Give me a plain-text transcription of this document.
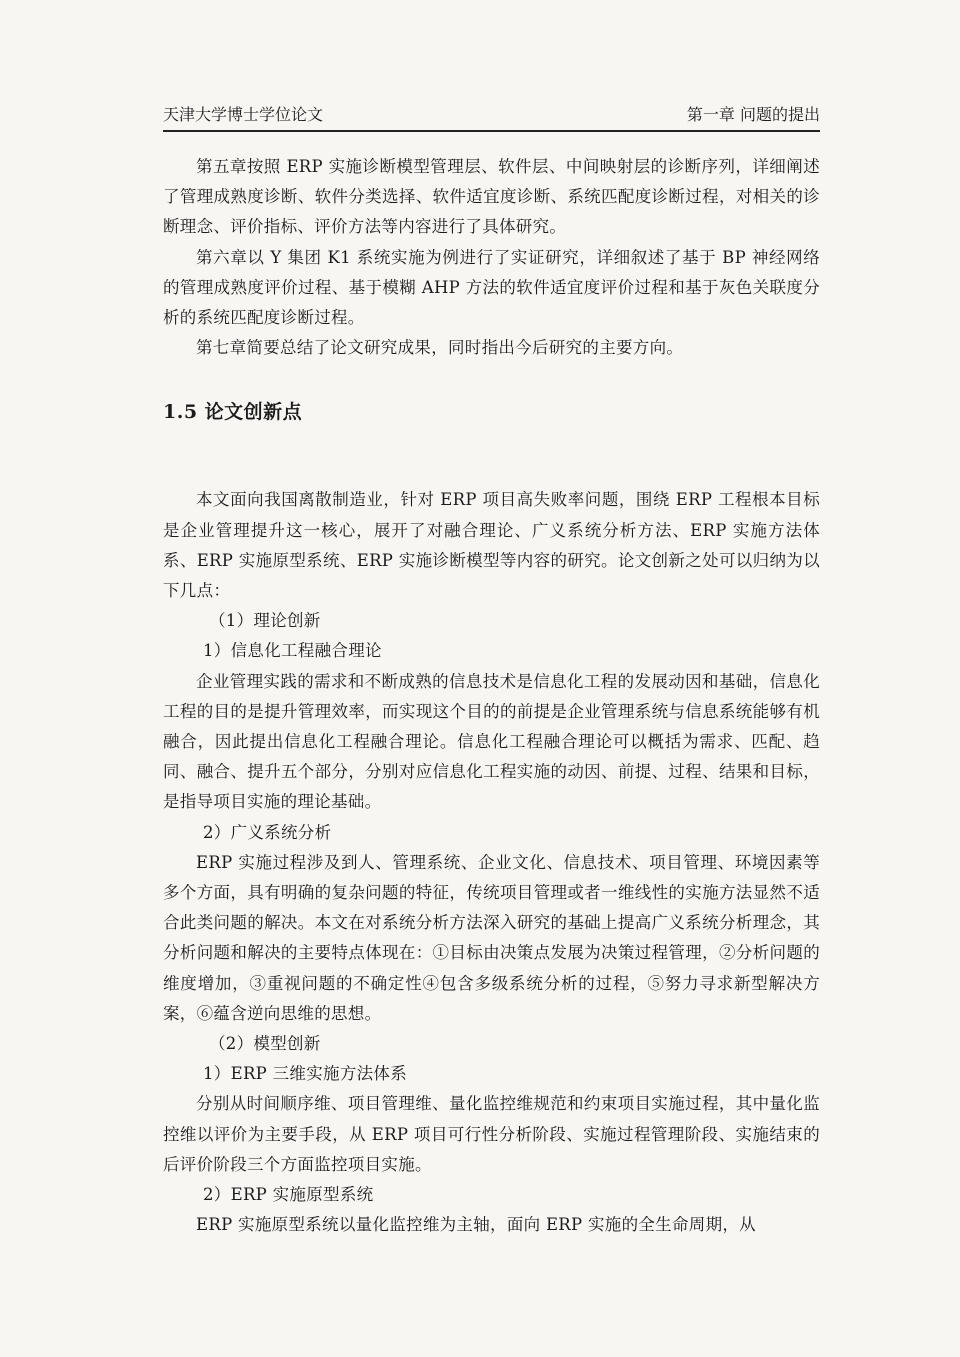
天津大学博士学位论文	第一章 问题的提出

第五章按照 ERP 实施诊断模型管理层、软件层、中间映射层的诊断序列，详细阐述了管理成熟度诊断、软件分类选择、软件适宜度诊断、系统匹配度诊断过程，对相关的诊断理念、评价指标、评价方法等内容进行了具体研究。

第六章以 Y 集团 K1 系统实施为例进行了实证研究，详细叙述了基于 BP 神经网络的管理成熟度评价过程、基于模糊 AHP 方法的软件适宜度评价过程和基于灰色关联度分析的系统匹配度诊断过程。

第七章简要总结了论文研究成果，同时指出今后研究的主要方向。

1.5 论文创新点

本文面向我国离散制造业，针对 ERP 项目高失败率问题，围绕 ERP 工程根本目标是企业管理提升这一核心，展开了对融合理论、广义系统分析方法、ERP 实施方法体系、ERP 实施原型系统、ERP 实施诊断模型等内容的研究。论文创新之处可以归纳为以下几点：

（1）理论创新

1）信息化工程融合理论

企业管理实践的需求和不断成熟的信息技术是信息化工程的发展动因和基础，信息化工程的目的是提升管理效率，而实现这个目的的前提是企业管理系统与信息系统能够有机融合，因此提出信息化工程融合理论。信息化工程融合理论可以概括为需求、匹配、趋同、融合、提升五个部分，分别对应信息化工程实施的动因、前提、过程、结果和目标，是指导项目实施的理论基础。

2）广义系统分析

ERP 实施过程涉及到人、管理系统、企业文化、信息技术、项目管理、环境因素等多个方面，具有明确的复杂问题的特征，传统项目管理或者一维线性的实施方法显然不适合此类问题的解决。本文在对系统分析方法深入研究的基础上提高广义系统分析理念，其分析问题和解决的主要特点体现在：①目标由决策点发展为决策过程管理，②分析问题的维度增加，③重视问题的不确定性④包含多级系统分析的过程，⑤努力寻求新型解决方案，⑥蕴含逆向思维的思想。

（2）模型创新

1）ERP 三维实施方法体系

分别从时间顺序维、项目管理维、量化监控维规范和约束项目实施过程，其中量化监控维以评价为主要手段，从 ERP 项目可行性分析阶段、实施过程管理阶段、实施结束的后评价阶段三个方面监控项目实施。

2）ERP 实施原型系统

ERP 实施原型系统以量化监控维为主轴，面向 ERP 实施的全生命周期，从
